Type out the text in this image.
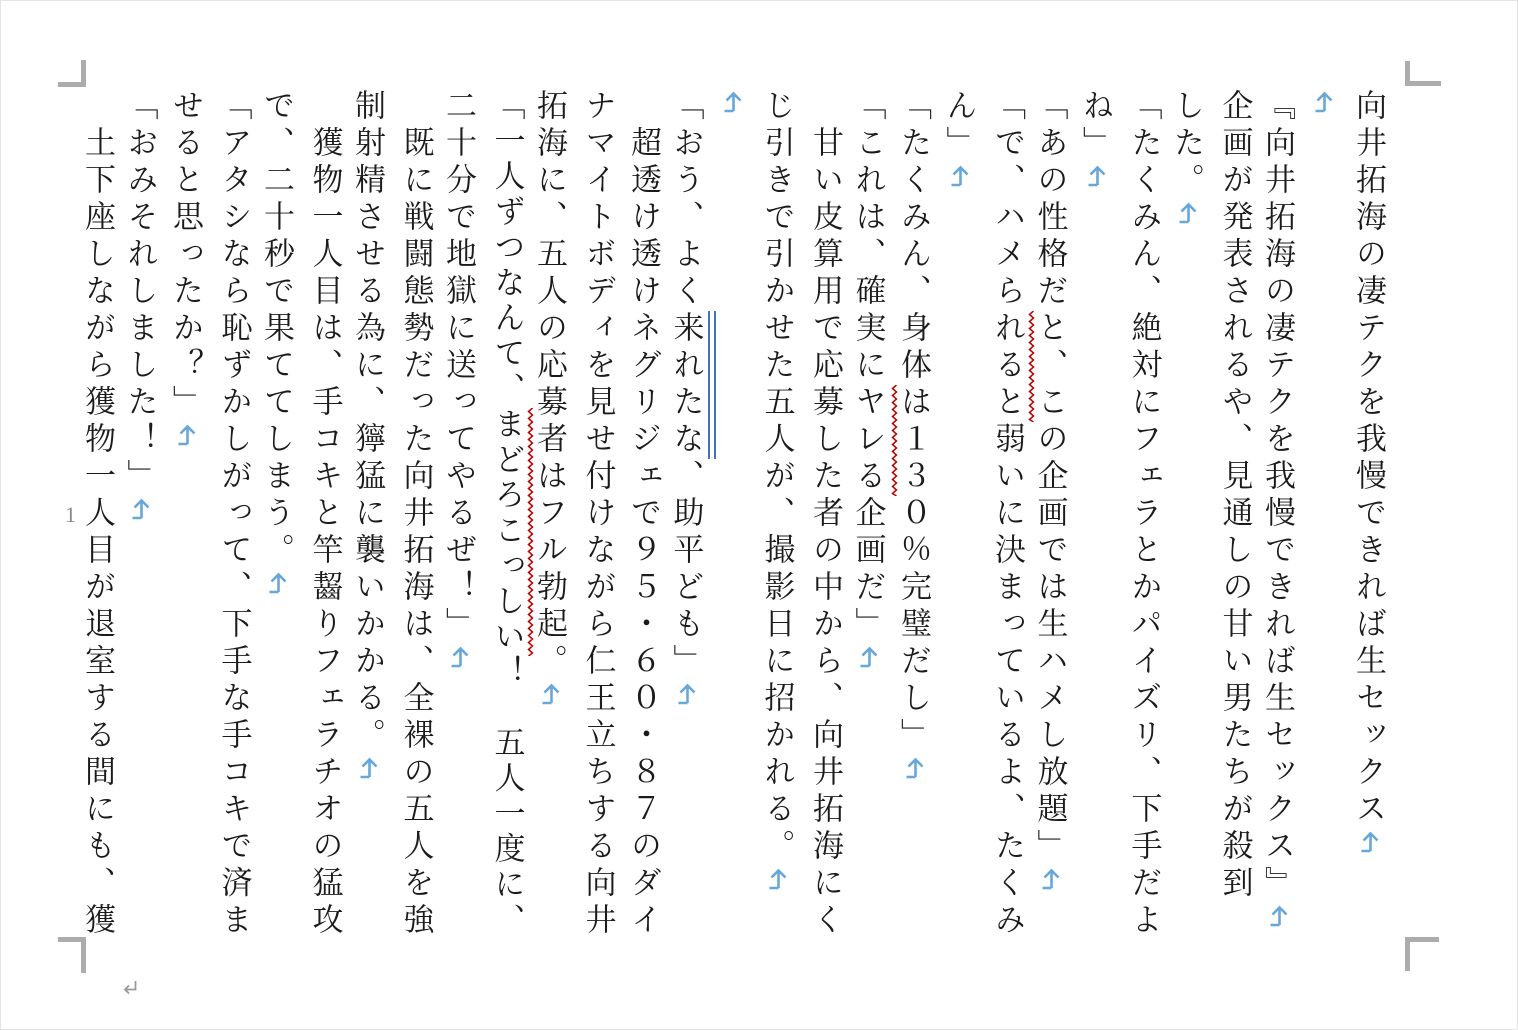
向井拓海の凄テクを我慢できれば生セックス
『向井拓海の凄テクを我慢できれば生セックス』
企画が発表されるや、見通しの甘い男たちが殺到
した。
「たくみん、絶対にフェラとかパイズリ、下手だよ
ね」
「あの性格だと、この企画では生ハメし放題」
「で、ハメられると弱いに決まっているよ、たくみ
ん」
「たくみん、身体は１３０％完璧だし」
「これは、確実にヤレる企画だ」
甘い皮算用で応募した者の中から、向井拓海にく
じ引きで引かせた五人が、撮影日に招かれる。
「おう、よく来れたな、助平ども」
超透け透けネグリジェで９５・６０・８７のダイ
ナマイトボディを見せ付けながら仁王立ちする向井
拓海に、五人の応募者はフル勃起。
「一人ずつなんて、まどろこっしい！　五人一度に、
二十分で地獄に送ってやるぜ！」
既に戦闘態勢だった向井拓海は、全裸の五人を強
制射精させる為に、獰猛に襲いかかる。
獲物一人目は、手コキと竿齧りフェラチオの猛攻
で、二十秒で果ててしまう。
「アタシなら恥ずかしがって、下手な手コキで済ま
せると思ったか？」
「おみそれしました！」
土下座しながら獲物一人目が退室する間にも、獲
1
